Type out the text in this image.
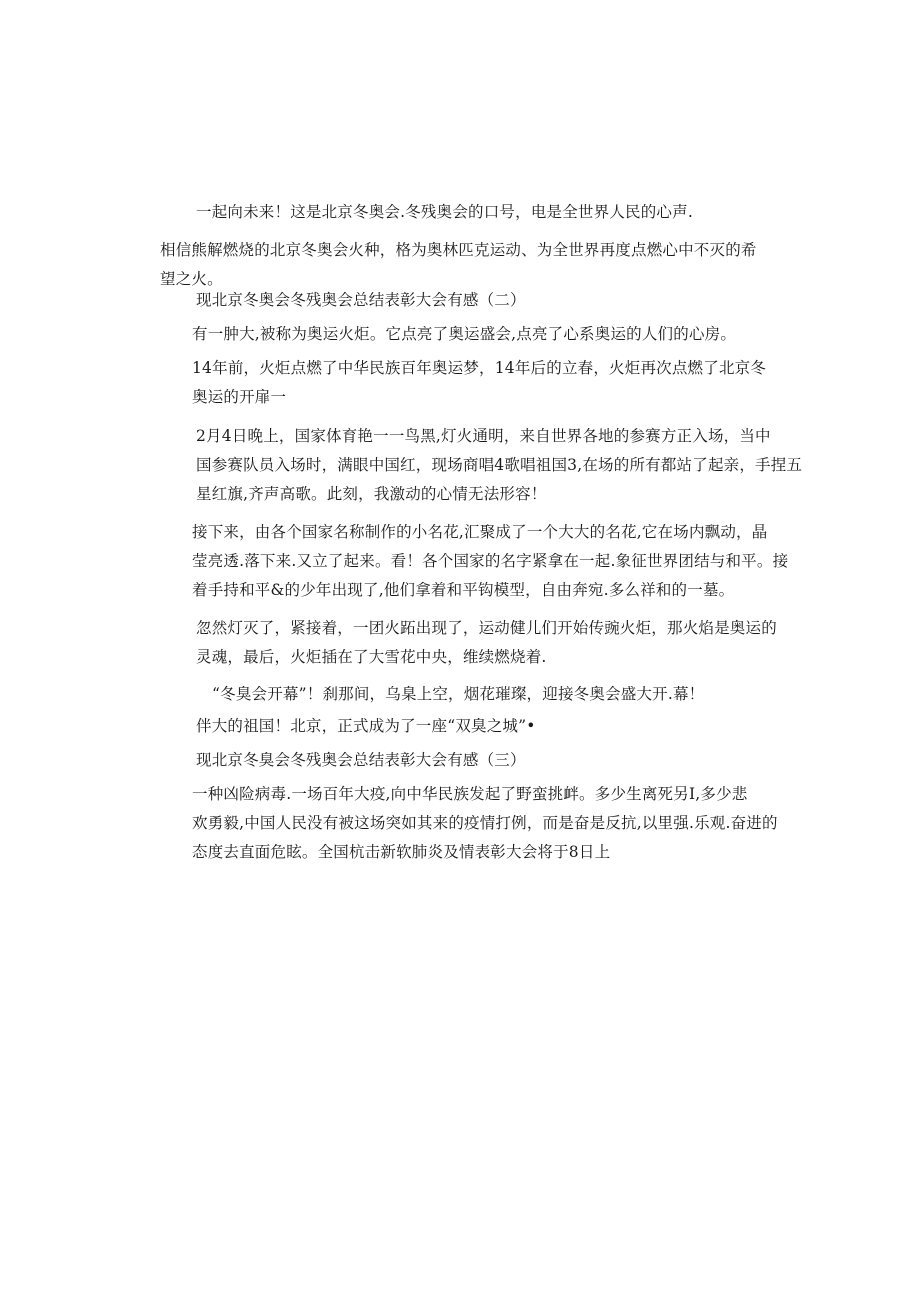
一起向未来！这是北京冬奥会.冬残奥会的口号，电是全世界人民的心声.

相信熊解燃烧的北京冬奥会火种，格为奥林匹克运动、为全世界再度点燃心中不灭的希
望之火。

现北京冬奥会冬残奥会总结表彰大会有感（二）

有一肿大,被称为奥运火炬。它点亮了奥运盛会,点亮了心系奥运的人们的心房。

14年前，火炬点燃了中华民族百年奥运梦，14年后的立春，火炬再次点燃了北京冬
奥运的开扉一

2月4日晚上，国家体育艳一一鸟黑,灯火通明，来自世界各地的参赛方正入场，当中
国参赛队员入场时，满眼中国红，现场商唱4歌唱祖国3,在场的所有都站了起亲，手捏五
星红旗,齐声高歌。此刻，我激动的心情无法形容！

接下来，由各个国家名称制作的小名花,汇聚成了一个大大的名花,它在场内飘动，晶
莹亮透.落下来.又立了起来。看！各个国家的名字紧拿在一起.象征世界团结与和平。接
着手持和平&的少年出现了,他们拿着和平钩模型，自由奔宛.多么祥和的一墓。

忽然灯灭了，紧接着，一团火跖出现了，运动健儿们开始传豌火炬，那火焰是奥运的
灵魂，最后，火炬插在了大雪花中央，维续燃烧着.

“冬臭会开幕”！刹那间，乌臬上空，烟花璀璨，迎接冬奥会盛大开.幕！

伴大的祖国！北京，正式成为了一座“双臭之城”•

现北京冬臭会冬残奥会总结表彰大会有感（三）

一种凶险病毒.一场百年大疫,向中华民族发起了野蛮挑衅。多少生离死另I,多少悲
欢勇毅,中国人民没有被这场突如其来的疫情打例，而是奋是反抗,以里强.乐观.奋进的
态度去直面危眩。全国杭击新软肺炎及情表彰大会将于8日上
